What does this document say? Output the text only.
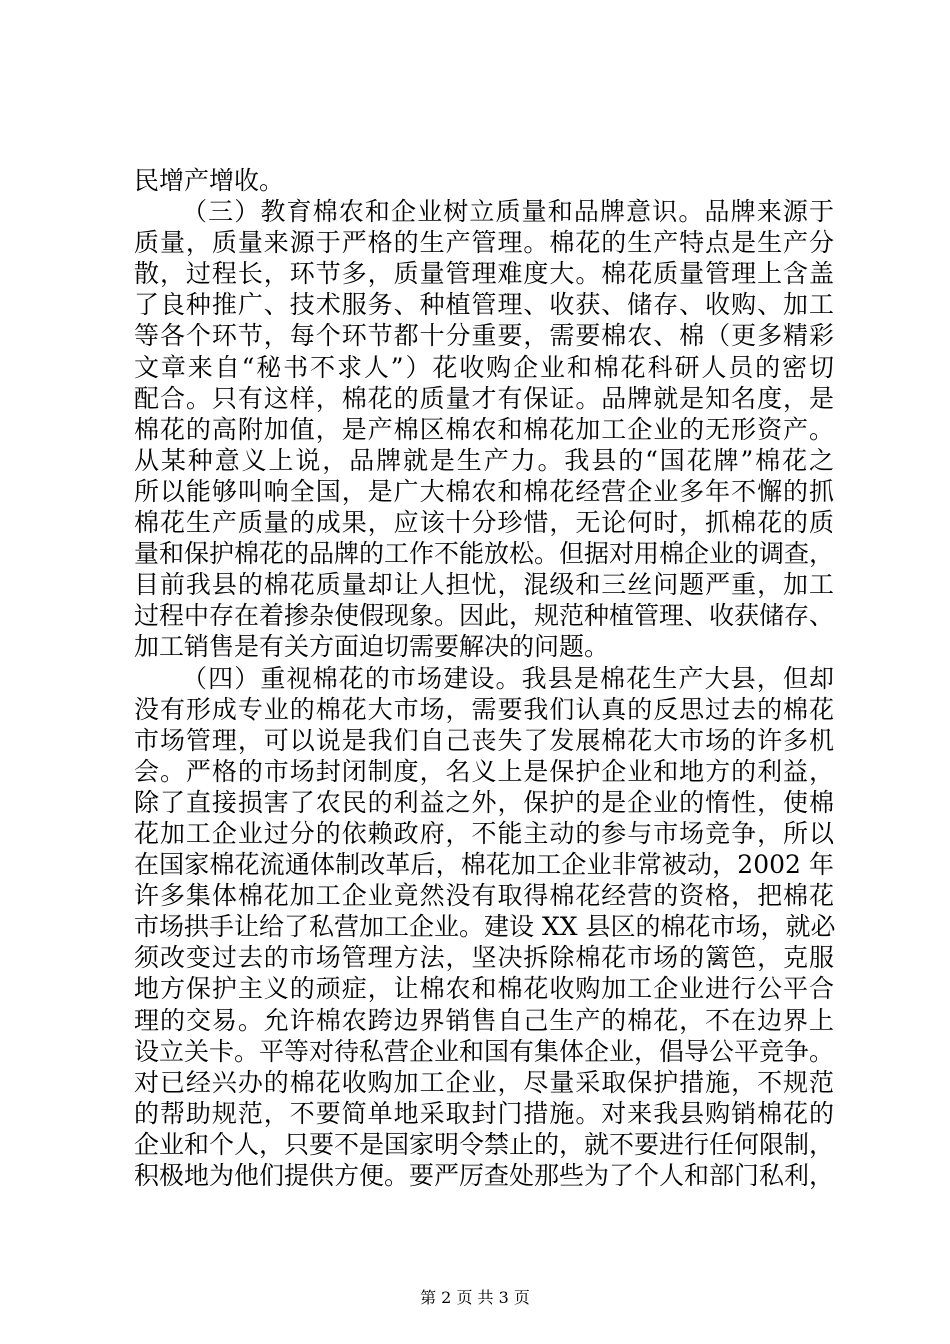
民增产增收。

（三）教育棉农和企业树立质量和品牌意识。品牌来源于

质量，质量来源于严格的生产管理。棉花的生产特点是生产分

散，过程长，环节多，质量管理难度大。棉花质量管理上含盖

了良种推广、技术服务、种植管理、收获、储存、收购、加工

等各个环节，每个环节都十分重要，需要棉农、棉（更多精彩

文章来自“秘书不求人”）花收购企业和棉花科研人员的密切

配合。只有这样，棉花的质量才有保证。品牌就是知名度，是

棉花的高附加值，是产棉区棉农和棉花加工企业的无形资产。

从某种意义上说，品牌就是生产力。我县的“国花牌”棉花之

所以能够叫响全国，是广大棉农和棉花经营企业多年不懈的抓

棉花生产质量的成果，应该十分珍惜，无论何时，抓棉花的质

量和保护棉花的品牌的工作不能放松。但据对用棉企业的调查，

目前我县的棉花质量却让人担忧，混级和三丝问题严重，加工

过程中存在着掺杂使假现象。因此，规范种植管理、收获储存、

加工销售是有关方面迫切需要解决的问题。

（四）重视棉花的市场建设。我县是棉花生产大县，但却

没有形成专业的棉花大市场，需要我们认真的反思过去的棉花

市场管理，可以说是我们自己丧失了发展棉花大市场的许多机

会。严格的市场封闭制度，名义上是保护企业和地方的利益，

除了直接损害了农民的利益之外，保护的是企业的惰性，使棉

花加工企业过分的依赖政府，不能主动的参与市场竞争，所以

在国家棉花流通体制改革后，棉花加工企业非常被动，2002 年

许多集体棉花加工企业竟然没有取得棉花经营的资格，把棉花

市场拱手让给了私营加工企业。建设 XX 县区的棉花市场，就必

须改变过去的市场管理方法，坚决拆除棉花市场的篱笆，克服

地方保护主义的顽症，让棉农和棉花收购加工企业进行公平合

理的交易。允许棉农跨边界销售自己生产的棉花，不在边界上

设立关卡。平等对待私营企业和国有集体企业，倡导公平竞争。

对已经兴办的棉花收购加工企业，尽量采取保护措施，不规范

的帮助规范，不要简单地采取封门措施。对来我县购销棉花的

企业和个人，只要不是国家明令禁止的，就不要进行任何限制，

积极地为他们提供方便。要严厉查处那些为了个人和部门私利，

第 2 页 共 3 页
